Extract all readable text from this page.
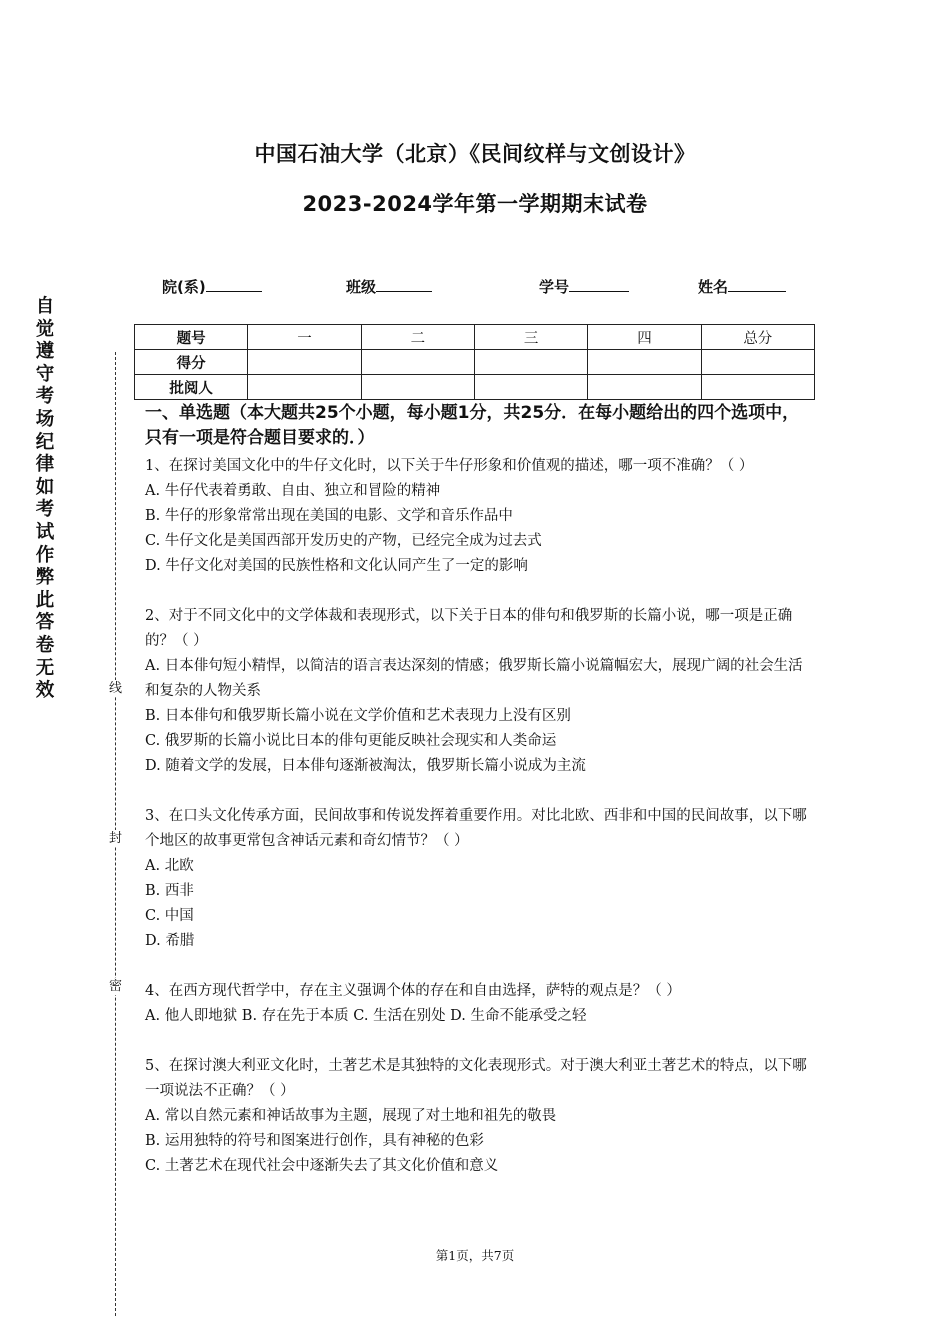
中国石油大学（北京）《民间纹样与文创设计》
2023-2024学年第一学期期末试卷
院(系)	班级	学号	姓名
自觉遵守考场纪律如考试作弊此答卷无效	线
封
密
题号	一	二	三	四	总分
得分					
批阅人					

一、单选题（本大题共25个小题，每小题1分，共25分．在每小题给出的四个选项中，只有一项是符合题目要求的．）

1、在探讨美国文化中的牛仔文化时，以下关于牛仔形象和价值观的描述，哪一项不准确？（ ）

A. 牛仔代表着勇敢、自由、独立和冒险的精神

B. 牛仔的形象常常出现在美国的电影、文学和音乐作品中

C. 牛仔文化是美国西部开发历史的产物，已经完全成为过去式

D. 牛仔文化对美国的民族性格和文化认同产生了一定的影响

2、对于不同文化中的文学体裁和表现形式，以下关于日本的俳句和俄罗斯的长篇小说，哪一项是正确的？（ ）

A. 日本俳句短小精悍，以简洁的语言表达深刻的情感；俄罗斯长篇小说篇幅宏大，展现广阔的社会生活和复杂的人物关系

B. 日本俳句和俄罗斯长篇小说在文学价值和艺术表现力上没有区别

C. 俄罗斯的长篇小说比日本的俳句更能反映社会现实和人类命运

D. 随着文学的发展，日本俳句逐渐被淘汰，俄罗斯长篇小说成为主流

3、在口头文化传承方面，民间故事和传说发挥着重要作用。对比北欧、西非和中国的民间故事，以下哪个地区的故事更常包含神话元素和奇幻情节？（ ）

A. 北欧

B. 西非

C. 中国

D. 希腊

4、在西方现代哲学中，存在主义强调个体的存在和自由选择，萨特的观点是？（ ）

A. 他人即地狱 B. 存在先于本质 C. 生活在别处 D. 生命不能承受之轻

5、在探讨澳大利亚文化时，土著艺术是其独特的文化表现形式。对于澳大利亚土著艺术的特点，以下哪一项说法不正确？（ ）

A. 常以自然元素和神话故事为主题，展现了对土地和祖先的敬畏

B. 运用独特的符号和图案进行创作，具有神秘的色彩

C. 土著艺术在现代社会中逐渐失去了其文化价值和意义

第1页，共7页
